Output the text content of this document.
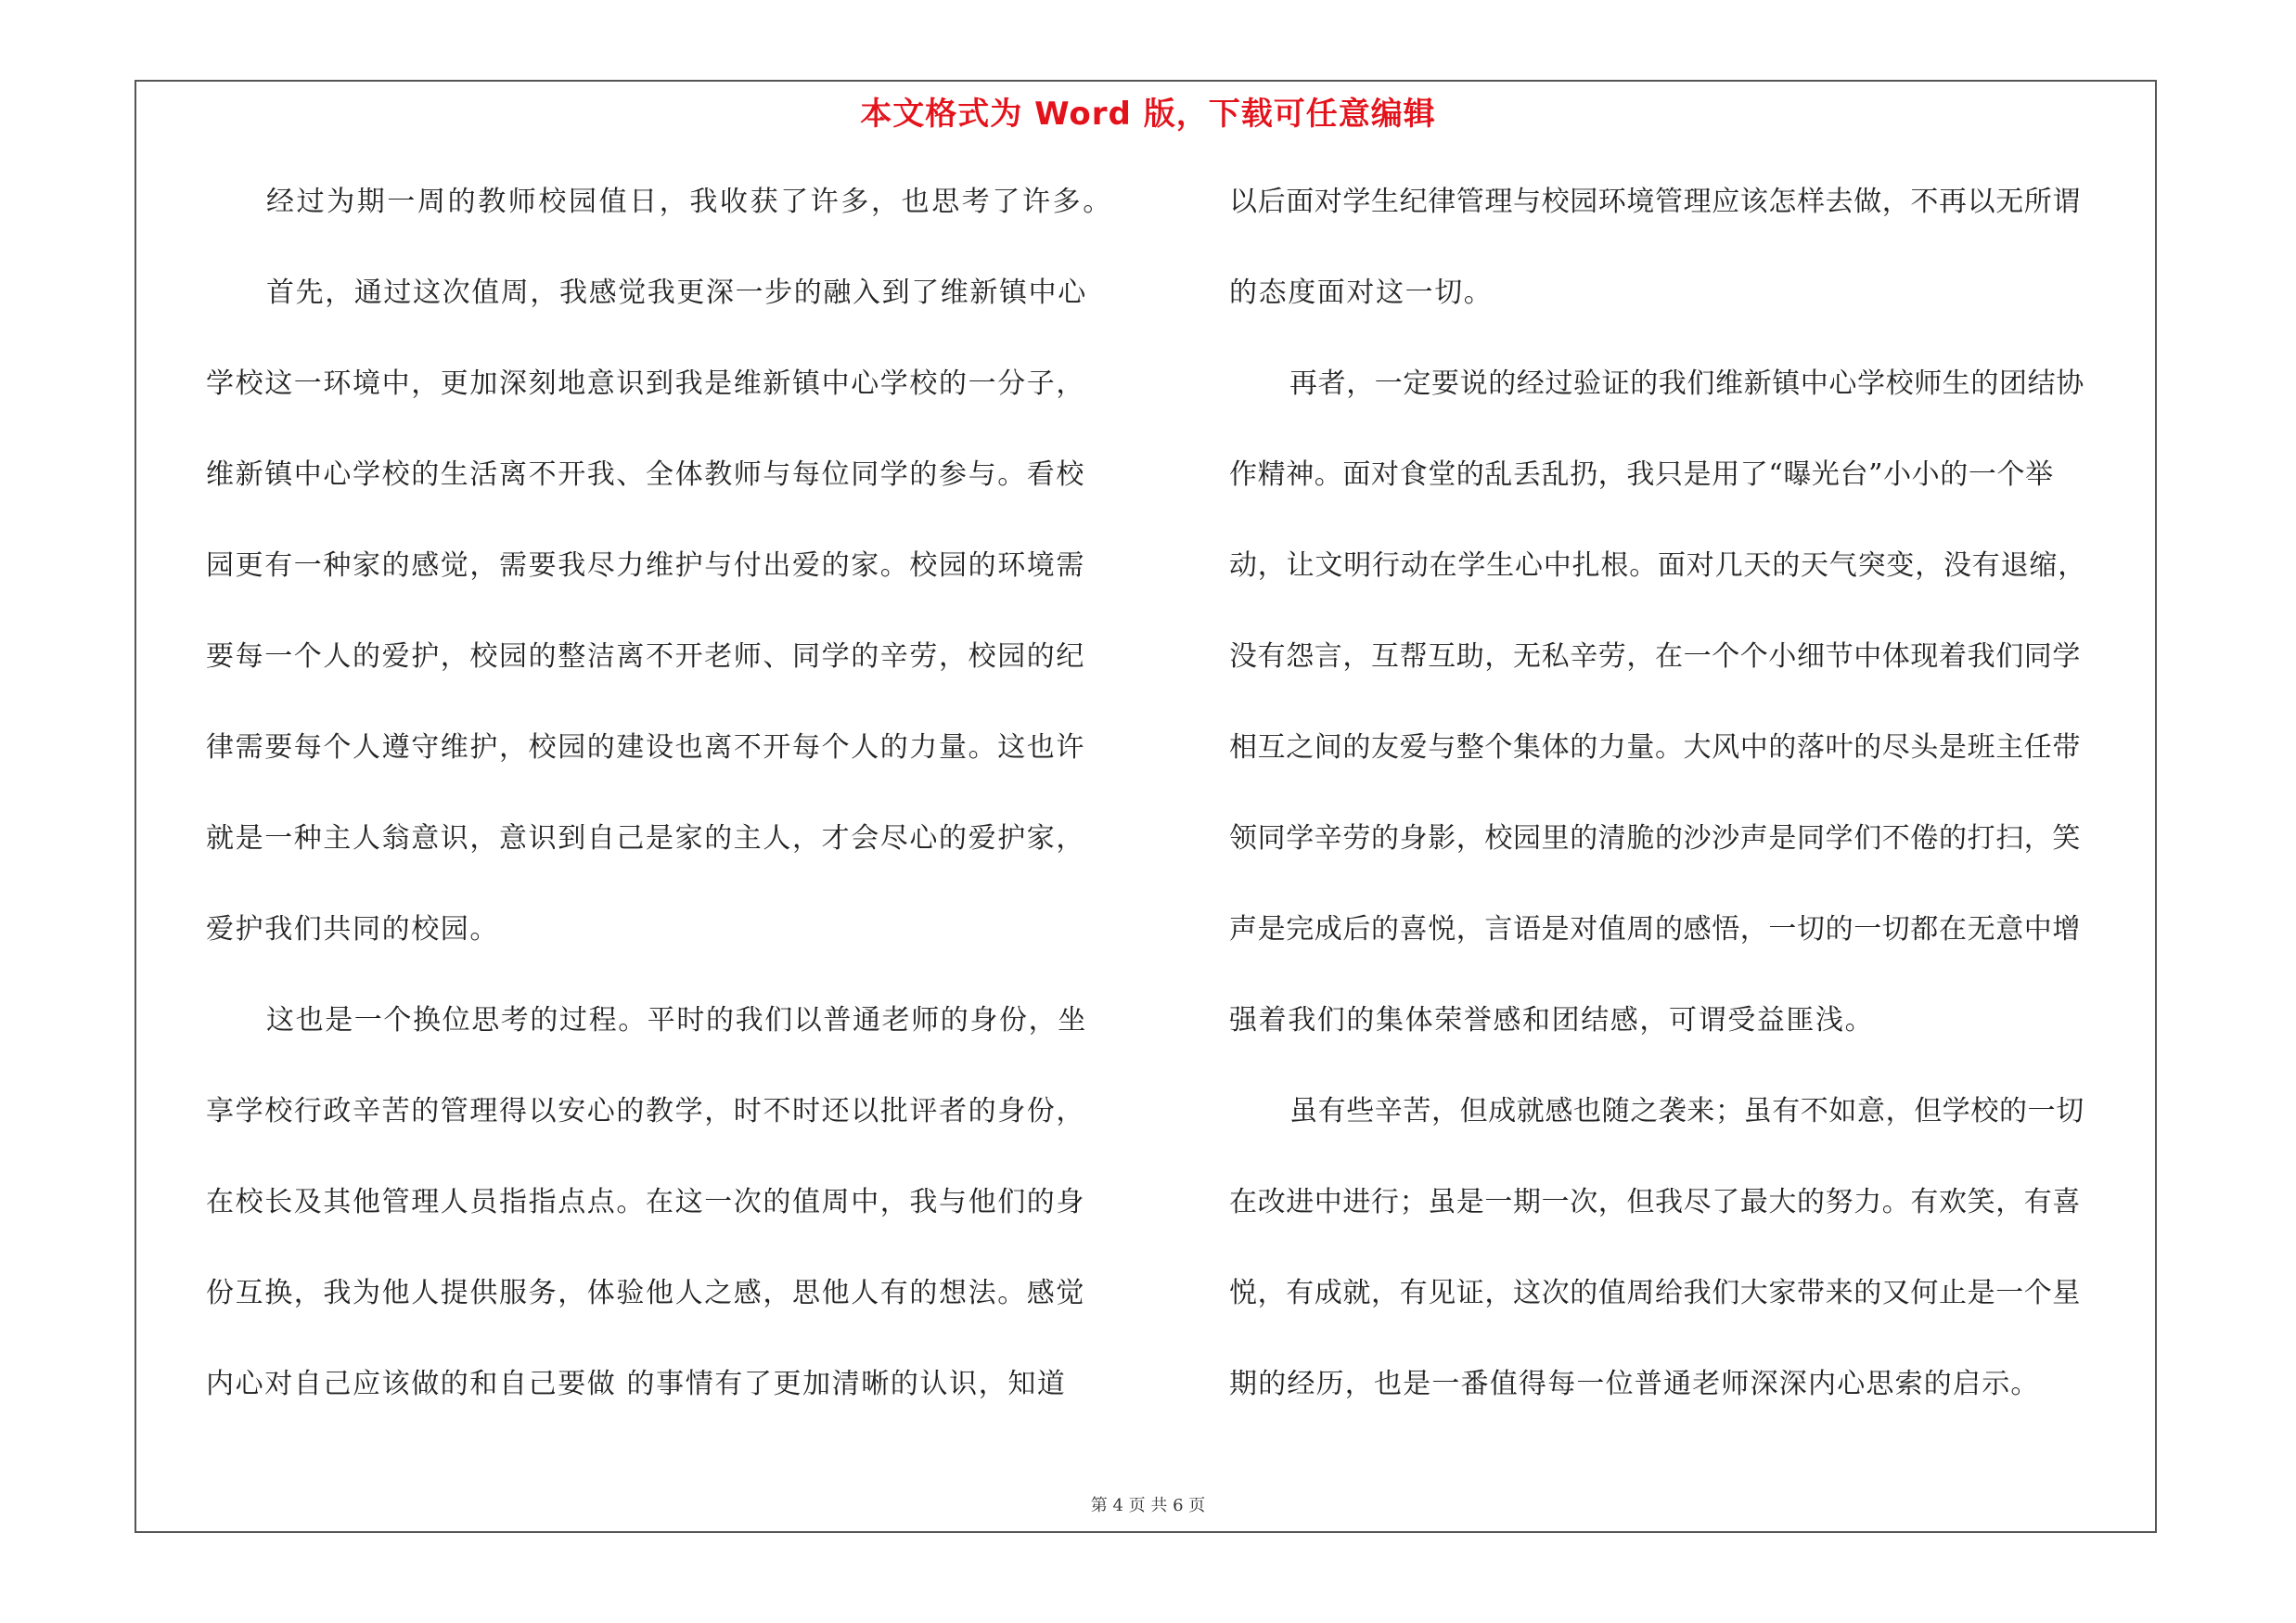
本文格式为 Word 版，下载可任意编辑
经过为期一周的教师校园值日，我收获了许多，也思考了许多。
首先，通过这次值周，我感觉我更深一步的融入到了维新镇中心
学校这一环境中，更加深刻地意识到我是维新镇中心学校的一分子，
维新镇中心学校的生活离不开我、全体教师与每位同学的参与。看校
园更有一种家的感觉，需要我尽力维护与付出爱的家。校园的环境需
要每一个人的爱护，校园的整洁离不开老师、同学的辛劳，校园的纪
律需要每个人遵守维护，校园的建设也离不开每个人的力量。这也许
就是一种主人翁意识，意识到自己是家的主人，才会尽心的爱护家，
爱护我们共同的校园。
这也是一个换位思考的过程。平时的我们以普通老师的身份，坐
享学校行政辛苦的管理得以安心的教学，时不时还以批评者的身份，
在校长及其他管理人员指指点点。在这一次的值周中，我与他们的身
份互换，我为他人提供服务，体验他人之感，思他人有的想法。感觉
内心对自己应该做的和自己要做 的事情有了更加清晰的认识，知道
以后面对学生纪律管理与校园环境管理应该怎样去做，不再以无所谓
的态度面对这一切。
再者，一定要说的经过验证的我们维新镇中心学校师生的团结协
作精神。面对食堂的乱丢乱扔，我只是用了“曝光台”小小的一个举
动，让文明行动在学生心中扎根。面对几天的天气突变，没有退缩，
没有怨言，互帮互助，无私辛劳，在一个个小细节中体现着我们同学
相互之间的友爱与整个集体的力量。大风中的落叶的尽头是班主任带
领同学辛劳的身影，校园里的清脆的沙沙声是同学们不倦的打扫，笑
声是完成后的喜悦，言语是对值周的感悟，一切的一切都在无意中增
强着我们的集体荣誉感和团结感，可谓受益匪浅。
虽有些辛苦，但成就感也随之袭来；虽有不如意，但学校的一切
在改进中进行；虽是一期一次，但我尽了最大的努力。有欢笑，有喜
悦，有成就，有见证，这次的值周给我们大家带来的又何止是一个星
期的经历，也是一番值得每一位普通老师深深内心思索的启示。
第 4 页 共 6 页
